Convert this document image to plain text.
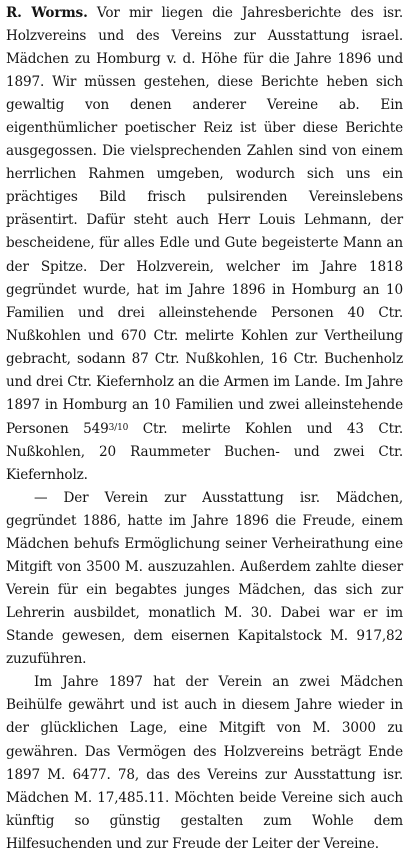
R. Worms. Vor mir liegen die Jahresberichte des isr. Holzvereins und des Vereins zur Ausstattung israel. Mädchen zu Homburg v. d. Höhe für die Jahre 1896 und 1897. Wir müssen gestehen, diese Berichte heben sich gewaltig von denen anderer Vereine ab. Ein eigenthümlicher poetischer Reiz ist über diese Berichte ausgegossen. Die vielsprechenden Zahlen sind von einem herrlichen Rahmen umgeben, wodurch sich uns ein prächtiges Bild frisch pulsirenden Vereinslebens präsentirt. Dafür steht auch Herr Louis Lehmann, der bescheidene, für alles Edle und Gute begeisterte Mann an der Spitze. Der Holzverein, welcher im Jahre 1818 gegründet wurde, hat im Jahre 1896 in Homburg an 10 Familien und drei alleinstehende Personen 40 Ctr. Nußkohlen und 670 Ctr. melirte Kohlen zur Vertheilung gebracht, sodann 87 Ctr. Nußkohlen, 16 Ctr. Buchenholz und drei Ctr. Kiefernholz an die Armen im Lande. Im Jahre 1897 in Homburg an 10 Familien und zwei alleinstehende Personen $549^{3/10}$ Ctr. melirte Kohlen und 43 Ctr. Nußkohlen, 20 Raummeter Buchen- und zwei Ctr. Kiefernholz.

— Der Verein zur Ausstattung isr. Mädchen, gegründet 1886, hatte im Jahre 1896 die Freude, einem Mädchen behufs Ermöglichung seiner Verheirathung eine Mitgift von 3500 M. auszuzahlen. Außerdem zahlte dieser Verein für ein begabtes junges Mädchen, das sich zur Lehrerin ausbildet, monatlich M. 30. Dabei war er im Stande gewesen, dem eisernen Kapitalstock M. 917,82 zuzuführen.

Im Jahre 1897 hat der Verein an zwei Mädchen Beihülfe gewährt und ist auch in diesem Jahre wieder in der glücklichen Lage, eine Mitgift von M. 3000 zu gewähren. Das Vermögen des Holzvereins beträgt Ende 1897 M. 6477. 78, das des Vereins zur Ausstattung isr. Mädchen M. 17,485.11. Möchten beide Vereine sich auch künftig so günstig gestalten zum Wohle dem Hilfesuchenden und zur Freude der Leiter der Vereine.
